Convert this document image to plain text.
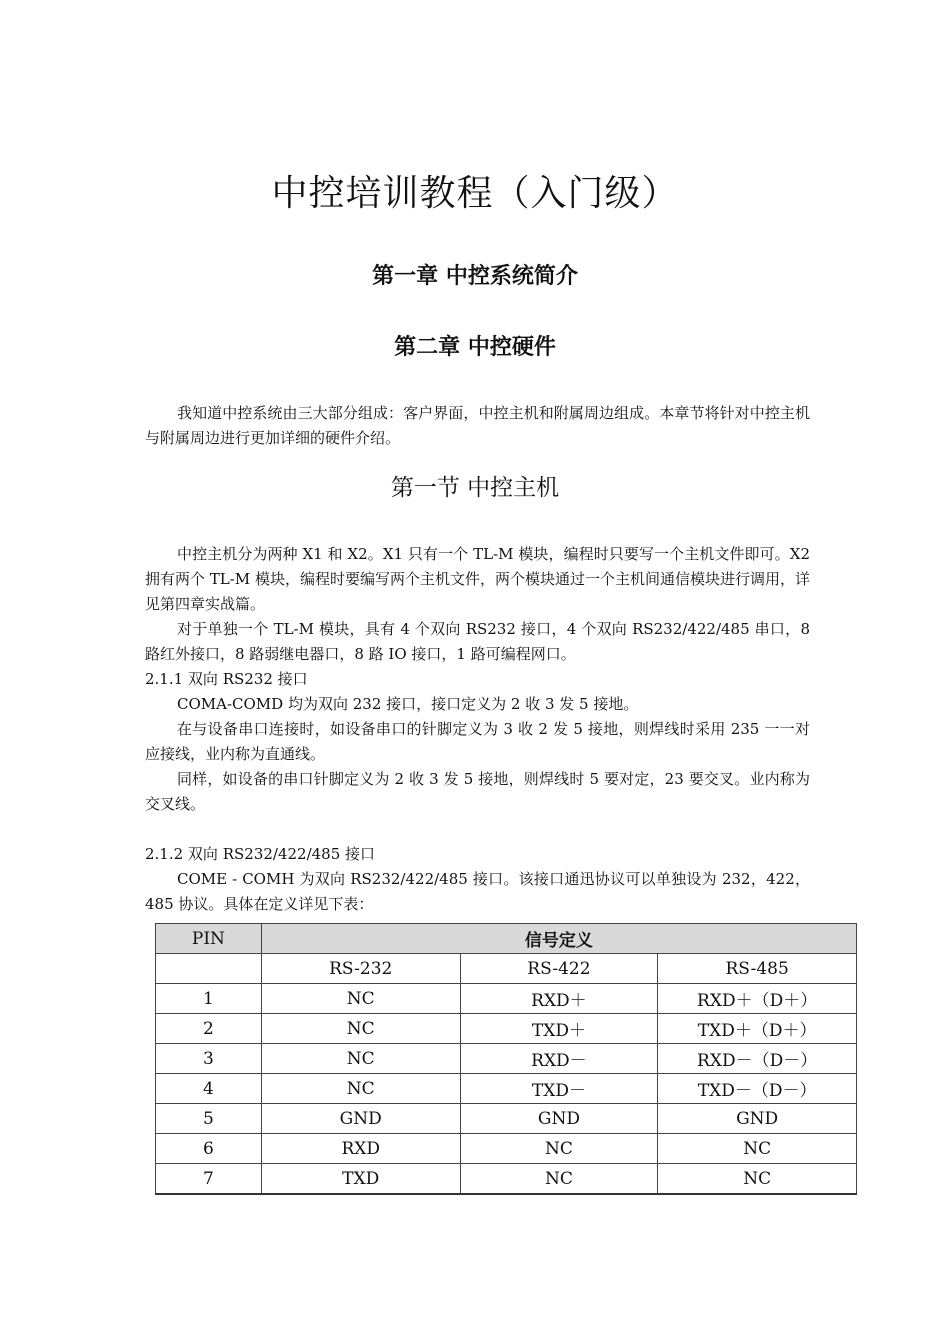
中控培训教程（入门级）
第一章 中控系统简介
第二章 中控硬件

我知道中控系统由三大部分组成：客户界面，中控主机和附属周边组成。本章节将针对中控主机与附属周边进行更加详细的硬件介绍。

第一节 中控主机

中控主机分为两种 X1 和 X2。X1 只有一个 TL-M 模块，编程时只要写一个主机文件即可。X2 拥有两个 TL-M 模块，编程时要编写两个主机文件，两个模块通过一个主机间通信模块进行调用，详见第四章实战篇。

对于单独一个 TL-M 模块，具有 4 个双向 RS232 接口，4 个双向 RS232/422/485 串口，8 路红外接口，8 路弱继电器口，8 路 IO 接口，1 路可编程网口。

2.1.1 双向 RS232 接口

COMA-COMD 均为双向 232 接口，接口定义为 2 收 3 发 5 接地。

在与设备串口连接时，如设备串口的针脚定义为 3 收 2 发 5 接地，则焊线时采用 235 一一对应接线，业内称为直通线。

同样，如设备的串口针脚定义为 2 收 3 发 5 接地，则焊线时 5 要对定，23 要交叉。业内称为交叉线。

2.1.2 双向 RS232/422/485 接口

COME - COMH 为双向 RS232/422/485 接口。该接口通迅协议可以单独设为 232，422，485 协议。具体在定义详见下表：

PIN	信号定义		
	RS-232	RS-422	RS-485
1	NC	RXD＋	RXD＋（D＋）
2	NC	TXD＋	TXD＋（D＋）
3	NC	RXD－	RXD－（D－）
4	NC	TXD－	TXD－（D－）
5	GND	GND	GND
6	RXD	NC	NC
7	TXD	NC	NC
